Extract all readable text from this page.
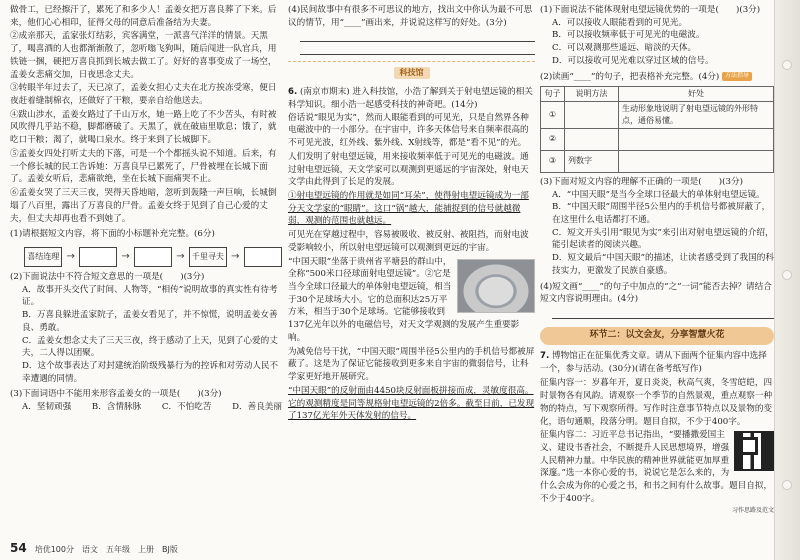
做骨工，已经擦汗了，累死了和多少人！孟姜女把万喜良葬了下来。后来，他们心心相印，征得父母的同意后准备结为夫妻。

②成亲那天，孟家张灯结彩，宾客满堂，一派喜气洋洋的情景。天黑了，喝喜酒的人也都渐渐散了，忽听嗡飞狗叫，随后闯进一队官兵，用铁链一捆，硬把万喜良抓到长城去做工了。好好的喜事变成了一场空，孟姜女悲痛交加，日夜思念丈夫。

③转眼半年过去了，天已凉了，孟姜女担心丈夫在北方挨冻受寒，便日夜赶着缝制棉衣，还做好了干粮，要亲自给他送去。

④跋山涉水，孟姜女路过了千山万水，她一路上吃了不少苦头，有时被风吹得几乎站不稳，脚都磨破了。天黑了，就在破庙里歇息；饿了，就吃口干粮；渴了，就喝口泉水。终于来到了长城脚下。

⑤孟姜女四处打听丈夫的下落，可是一个个都摇头说不知道。后来，有一个修长城的民工告诉她：万喜良早已累死了，尸骨被埋在长城下面了。孟姜女听后，悲痛欲绝，坐在长城下面痛哭不止。

⑥孟姜女哭了三天三夜，哭得天昏地暗，忽听到轰隆一声巨响，长城倒塌了八百里，露出了万喜良的尸骨。孟姜女终于见到了自己心爱的丈夫，但丈夫却再也看不到她了。

(1)请根据短文内容，将下面的小标题补充完整。(6分)

喜结连理 →	→	→ 千里寻夫 →

(2)下面说法中不符合短文意思的一项是(　　)(3分)

A．故事开头交代了时间、人物等，“相传”说明故事的真实性有待考证。

B．万喜良躲进孟家院子，孟姜女看见了，并不惊慌，说明孟姜女善良、勇敢。

C．孟姜女想念丈夫了三天三夜，终于感动了上天，见到了心爱的丈夫，二人得以团聚。

D．这个故事表达了对封建统治阶级残暴行为的控诉和对劳动人民不幸遭遇的同情。

(3)下面词语中不能用来形容孟姜女的一项是(　　)(3分)

A．坚韧顽强 B．含情脉脉 C．不怕吃苦 D．善良美丽

(4)民间故事中有很多不可思议的地方，找出文中你认为最不可思议的情节，用“____”画出来，并说说这样写的好处。(3分)

科技馆

6. (南京市期末) 进入科技馆，小浩了解到关于射电望远镜的相关科学知识。细小浩一起感受科技的神奇吧。(14分)

俗话说“眼见为实”，然而人眼能看到的可见光，只是自然界各种电磁波中的一小部分。在宇宙中，许多天体信号来自频率很高的不可见光波，红外线、紫外线、X射线等，都是“看不见”的光。

人们发明了射电望远镜，用来接收频率低于可见光的电磁波。通过射电望远镜，天文学家可以观测到更遥远的宇宙深处，射电天文学由此得到了长足的发展。

①射电望远镜的作用就是如同“耳朵”，使得射电望远镜成为一部分天文学家的“眼睛”。这口“锅”越大，能捕捉到的信号就越微弱，观测的范围也就越远。

可见光在穿越过程中，容易被吸收、被反射、被阻挡，而射电波受影响较小，所以射电望远镜可以观测到更远的宇宙。

“中国天眼”坐落于贵州省平塘县的群山中，全称“500米口径球面射电望远镜”。②它是当今全球口径最大的单体射电望远镜，相当于30个足球场大小。它的总面积达25万平方米，相当于30个足球场。它能够接收到137亿光年以外的电磁信号，对天文学观测的发展产生重要影响。

为减免信号干扰，“中国天眼”周围半径5公里内的手机信号都被屏蔽了。这是为了保证它能接收到更多来自宇宙的微弱信号，让科学家更好地开展研究。

“中国天眼”的反射面由4450块反射面板拼接而成，灵敏度很高。它的观测精度是同等规格射电望远镜的2倍多。截至日前，已发现了137亿光年外天体发射的信号。

(1)下面说法不能体现射电望远镜优势的一项是(　　)(3分)

A．可以接收人眼能看到的可见光。

B．可以接收频率低于可见光的电磁波。

C．可以观测那些遥远、暗淡的天体。

D．可以接收可见光难以穿过区域的信号。

(2)读画“____”的句子，把表格补充完整。(4分) 方法指导

句子	说明方法	好处
①		生动形象地说明了射电望远镜的外形特点，通俗易懂。
②		
③	列数字	

(3)下面对短文内容的理解不正确的一项是(　　)(3分)

A．“中国天眼”是当今全球口径最大的单体射电望远镜。

B．“中国天眼”周围半径5公里内的手机信号都被屏蔽了，在这里什么电话都打不通。

C．短文开头引用“眼见为实”来引出对射电望远镜的介绍，能引起读者的阅读兴趣。

D．短文最后“中国天眼”的描述，让读者感受到了我国的科技实力，更激发了民族自豪感。

(4)短文画“____”的句子中加点的“之”一词”能否去掉？请结合短文内容说明理由。(4分)

环节二：以文会友，分享智慧火花

7. 博物馆正在征集优秀文章。请从下面两个征集内容中选择一个，参与活动。(30分)(请在备考纸写作)

征集内容一：岁暮年开，夏日炎炎，秋高气爽，冬雪皑皑，四时景物各有风韵。请观察一个季节的自然景观，重点观察一种物的特点，写下观察所得。写作时注意事节特点以及景物的变化，语句通顺，段落分明。题目自拟，不少于400字。

征集内容二：习近平总书记指出，“要播撒爱国主义、建设书香社会，不断提升人民思想境界，增强人民精神力量。中华民族的精神世界就能更加厚重深邃。”选一本你心爱的书，说说它是怎么来的，为什么会成为你的心爱之书，和书之间有什么故事。题目自拟，不少于400字。

习作思路及范文
54 培优100分 语文 五年级 上册 BJ版
